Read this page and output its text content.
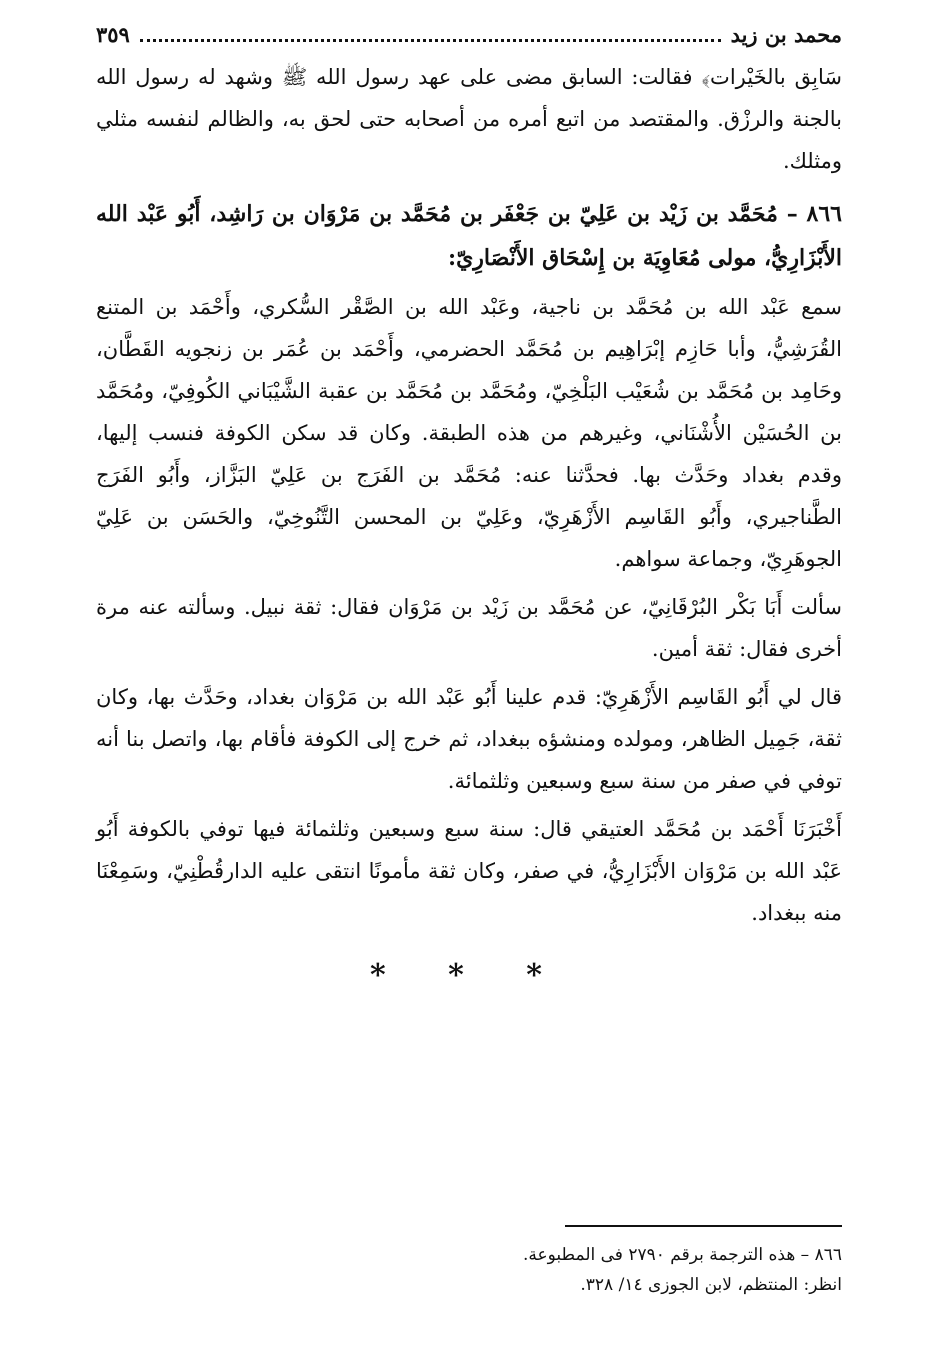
محمد بن زيد
٣٥٩

سَابِق بالخَيْرات﴾ فقالت: السابق مضى على عهد رسول الله ﷺ وشهد له رسول الله بالجنة والرزْق. والمقتصد من اتبع أمره من أصحابه حتى لحق به، والظالم لنفسه مثلي ومثلك.

٨٦٦ – مُحَمَّد بن زَيْد بن عَلِيّ بن جَعْفَر بن مُحَمَّد بن مَرْوَان بن رَاشِد، أَبُو عَبْد الله الأَبْزَارِيُّ، مولى مُعَاوِيَة بن إِسْحَاق الأَنْصَارِيّ:

سمع عَبْد الله بن مُحَمَّد بن ناجية، وعَبْد الله بن الصَّقْر السُّكري، وأَحْمَد بن المتنع القُرَشِيُّ، وأبا حَازِم إبْرَاهِيم بن مُحَمَّد الحضرمي، وأَحْمَد بن عُمَر بن زنجويه القَطَّان، وحَامِد بن مُحَمَّد بن شُعَيْب البَلْخِيّ، ومُحَمَّد بن مُحَمَّد بن عقبة الشَّيْبَاني الكُوفِيّ، ومُحَمَّد بن الحُسَيْن الأُشْنَاني، وغيرهم من هذه الطبقة. وكان قد سكن الكوفة فنسب إليها، وقدم بغداد وحَدَّث بها. فحدَّثنا عنه: مُحَمَّد بن الفَرَج بن عَلِيّ البَزَّاز، وأَبُو الفَرَج الطَّناجيري، وأَبُو القَاسِم الأَزْهَرِيّ، وعَلِيّ بن المحسن التَّنُوخِيّ، والحَسَن بن عَلِيّ الجوهَرِيّ، وجماعة سواهم.

سألت أَبَا بَكْر البُرْقَانِيّ، عن مُحَمَّد بن زَيْد بن مَرْوَان فقال: ثقة نبيل. وسألته عنه مرة أخرى فقال: ثقة أمين.

قال لي أَبُو القَاسِم الأَزْهَرِيّ: قدم علينا أَبُو عَبْد الله بن مَرْوَان بغداد، وحَدَّث بها، وكان ثقة، جَمِيل الظاهر، ومولده ومنشؤه ببغداد، ثم خرج إلى الكوفة فأقام بها، واتصل بنا أنه توفي في صفر من سنة سبع وسبعين وثلثمائة.

أَخْبَرَنَا أَحْمَد بن مُحَمَّد العتيقي قال: سنة سبع وسبعين وثلثمائة فيها توفي بالكوفة أَبُو عَبْد الله بن مَرْوَان الأَبْزَارِيُّ، في صفر، وكان ثقة مأمونًا انتقى عليه الدارقُطْنِيّ، وسَمِعْنَا منه ببغداد.

* * *
٨٦٦ – هذه الترجمة برقم ٢٧٩٠ فى المطبوعة.
انظر: المنتظم، لابن الجوزى ١٤/ ٣٢٨.
